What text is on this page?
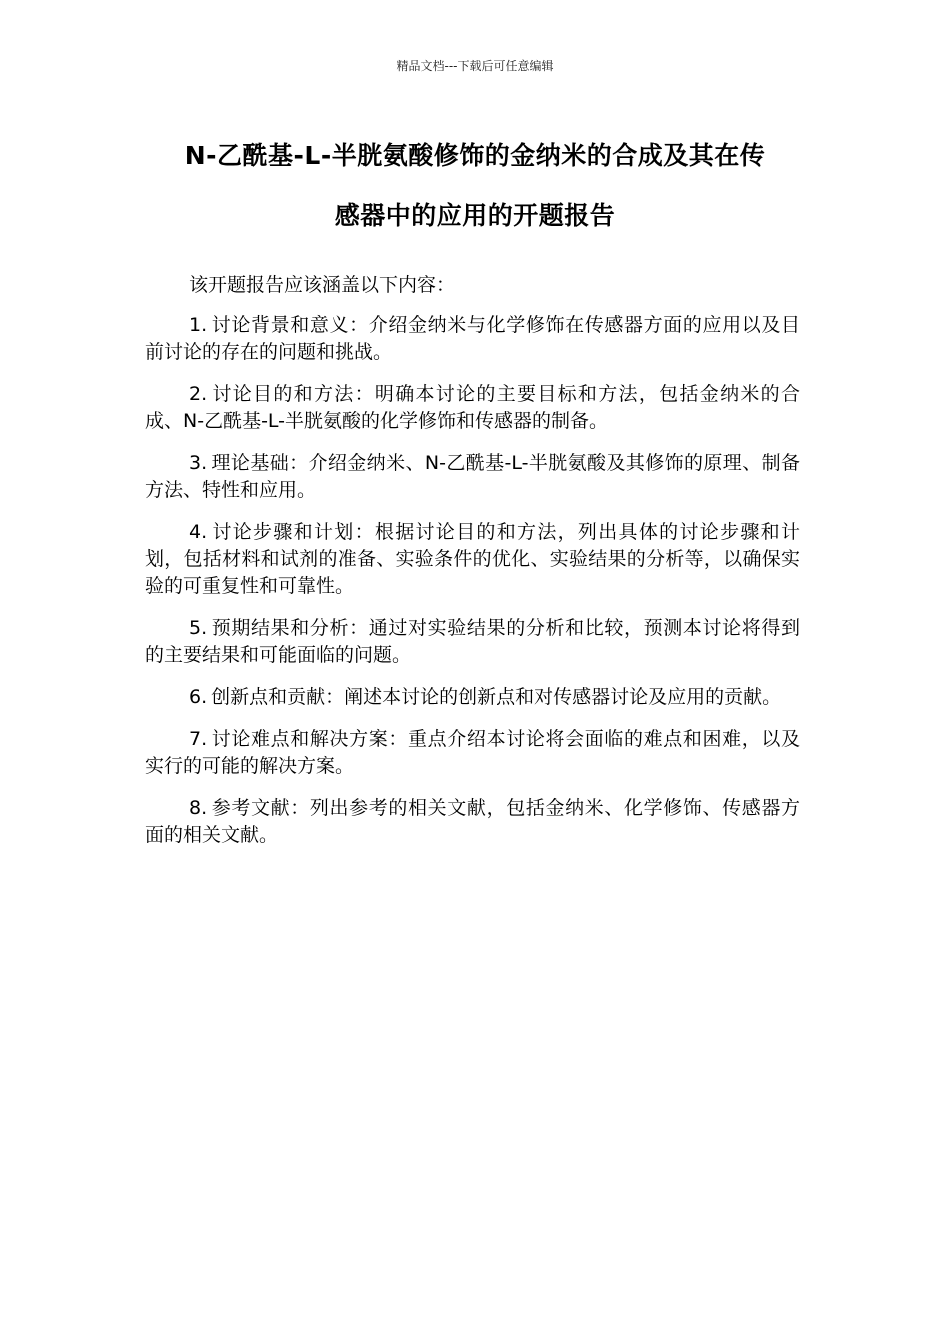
精品文档---下载后可任意编辑
N-乙酰基-L-半胱氨酸修饰的金纳米的合成及其在传
感器中的应用的开题报告

该开题报告应该涵盖以下内容：

1. 讨论背景和意义：介绍金纳米与化学修饰在传感器方面的应用以及目前讨论的存在的问题和挑战。

2. 讨论目的和方法：明确本讨论的主要目标和方法，包括金纳米的合成、N-乙酰基-L-半胱氨酸的化学修饰和传感器的制备。

3. 理论基础：介绍金纳米、N-乙酰基-L-半胱氨酸及其修饰的原理、制备方法、特性和应用。

4. 讨论步骤和计划：根据讨论目的和方法，列出具体的讨论步骤和计划，包括材料和试剂的准备、实验条件的优化、实验结果的分析等，以确保实验的可重复性和可靠性。

5. 预期结果和分析：通过对实验结果的分析和比较，预测本讨论将得到的主要结果和可能面临的问题。

6. 创新点和贡献：阐述本讨论的创新点和对传感器讨论及应用的贡献。

7. 讨论难点和解决方案：重点介绍本讨论将会面临的难点和困难，以及实行的可能的解决方案。

8. 参考文献：列出参考的相关文献，包括金纳米、化学修饰、传感器方面的相关文献。
